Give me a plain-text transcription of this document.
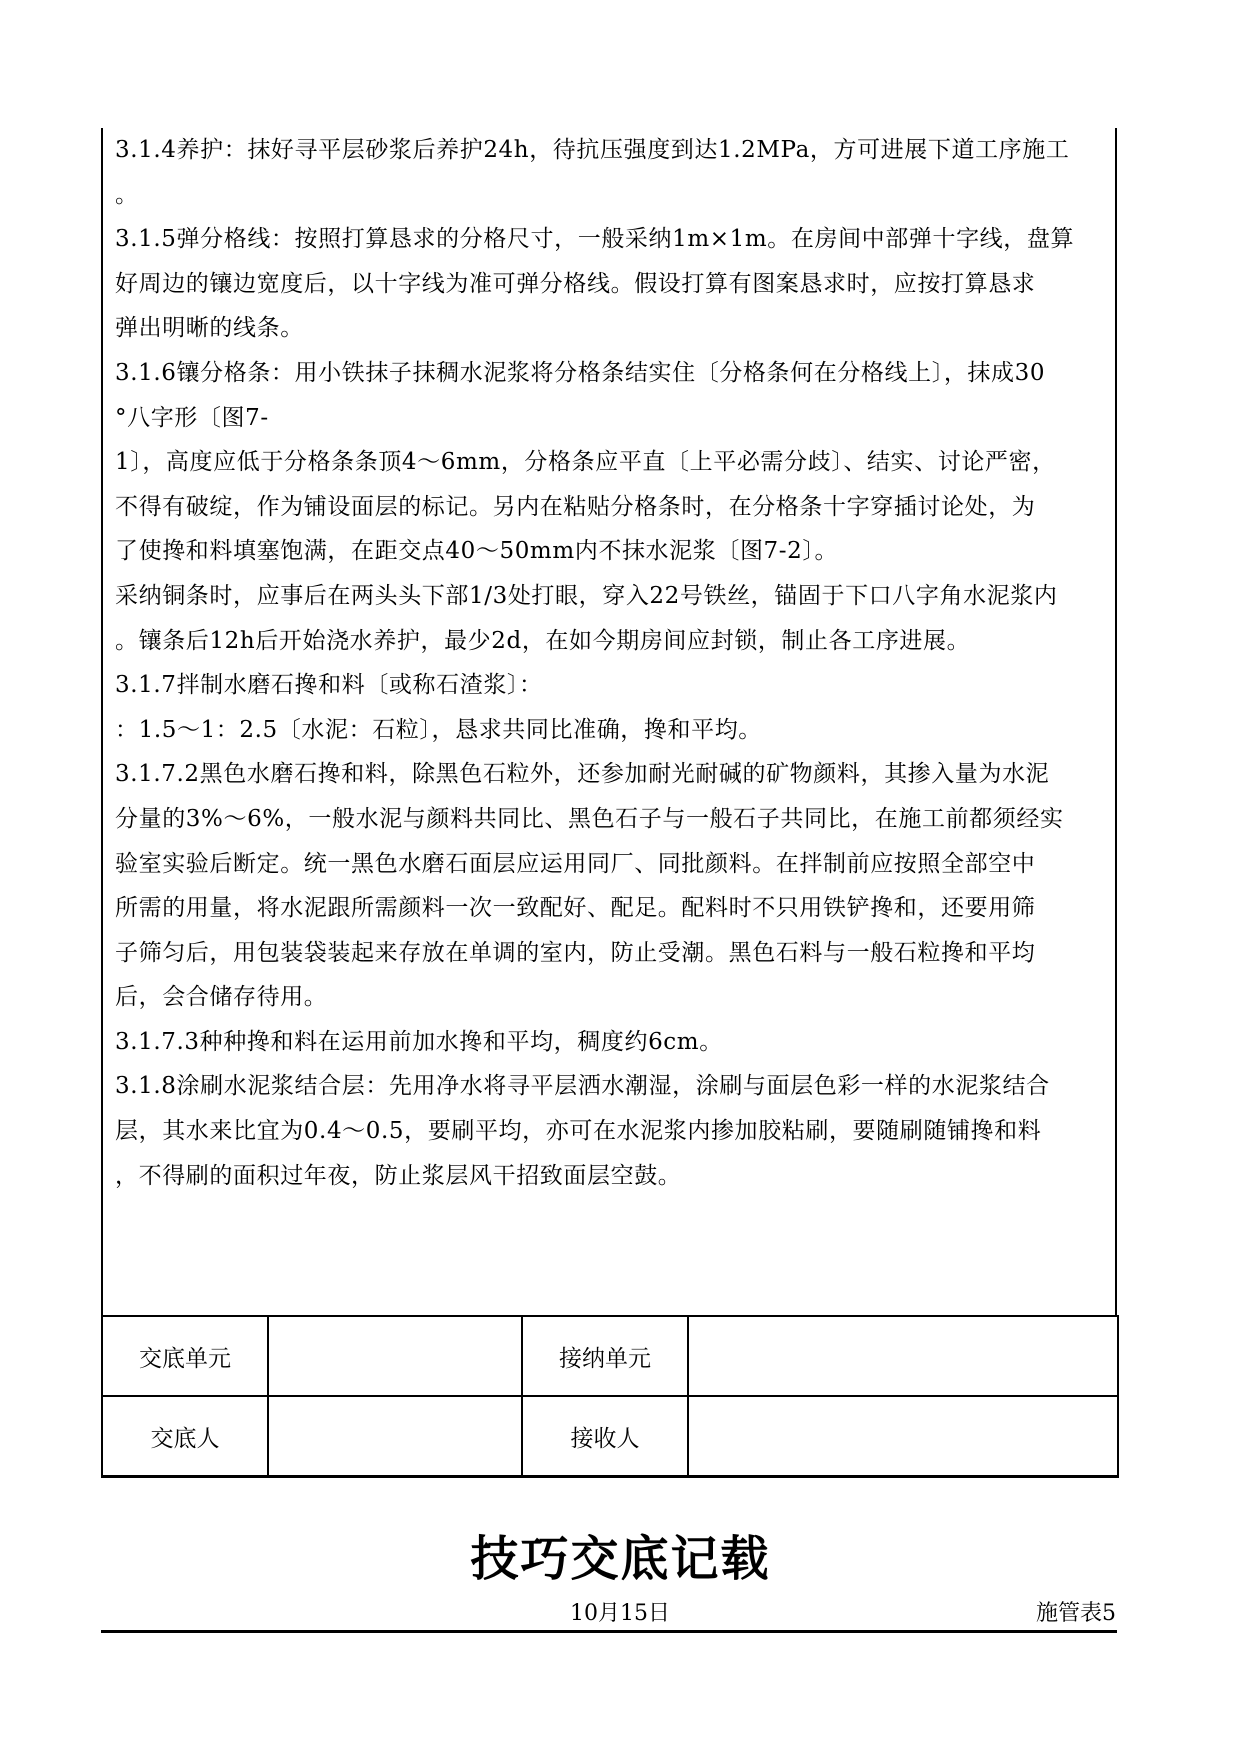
3.1.4养护：抹好寻平层砂浆后养护24h，待抗压强度到达1.2MPa，方可进展下道工序施工
。
3.1.5弹分格线：按照打算恳求的分格尺寸，一般采纳1m×1m。在房间中部弹十字线，盘算
好周边的镶边宽度后，以十字线为准可弹分格线。假设打算有图案恳求时，应按打算恳求
弹出明晰的线条。
3.1.6镶分格条：用小铁抹子抹稠水泥浆将分格条结实住〔分格条何在分格线上〕，抹成30
°八字形〔图7-
1〕，高度应低于分格条条顶4～6mm，分格条应平直〔上平必需分歧〕、结实、讨论严密，
不得有破绽，作为铺设面层的标记。另内在粘贴分格条时，在分格条十字穿插讨论处，为
了使搀和料填塞饱满，在距交点40～50mm内不抹水泥浆〔图7-2〕。
采纳铜条时，应事后在两头头下部1/3处打眼，穿入22号铁丝，锚固于下口八字角水泥浆内
。镶条后12h后开始浇水养护，最少2d，在如今期房间应封锁，制止各工序进展。
3.1.7拌制水磨石搀和料〔或称石渣浆〕：
：1.5～1：2.5〔水泥：石粒〕，恳求共同比准确，搀和平均。
3.1.7.2黑色水磨石搀和料，除黑色石粒外，还参加耐光耐碱的矿物颜料，其掺入量为水泥
分量的3%～6%，一般水泥与颜料共同比、黑色石子与一般石子共同比，在施工前都须经实
验室实验后断定。统一黑色水磨石面层应运用同厂、同批颜料。在拌制前应按照全部空中
所需的用量，将水泥跟所需颜料一次一致配好、配足。配料时不只用铁铲搀和，还要用筛
子筛匀后，用包装袋装起来存放在单调的室内，防止受潮。黑色石料与一般石粒搀和平均
后，会合储存待用。
3.1.7.3种种搀和料在运用前加水搀和平均，稠度约6cm。
3.1.8涂刷水泥浆结合层：先用净水将寻平层洒水潮湿，涂刷与面层色彩一样的水泥浆结合
层，其水来比宜为0.4～0.5，要刷平均，亦可在水泥浆内掺加胶粘刷，要随刷随铺搀和料
，不得刷的面积过年夜，防止浆层风干招致面层空鼓。
交底单元		接纳单元	
交底人		接收人	
技巧交底记载
10月15日	施管表5
